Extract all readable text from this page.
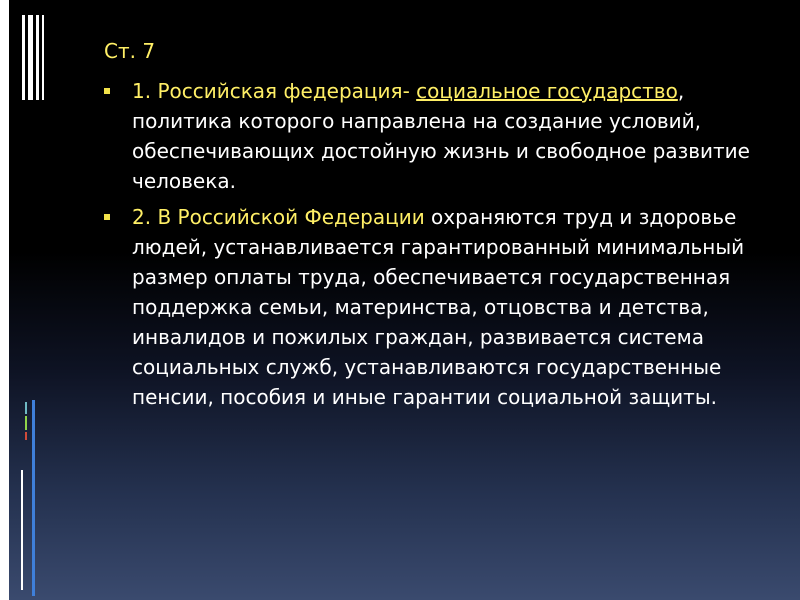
Ст. 7
1. Российская федерация- социальное государство, политика которого направлена на создание условий, обеспечивающих достойную жизнь и свободное развитие человека.
2. В Российской Федерации охраняются труд и здоровье людей, устанавливается гарантированный минимальный размер оплаты труда, обеспечивается государственная поддержка семьи, материнства, отцовства и детства, инвалидов и пожилых граждан, развивается система социальных служб, устанавливаются государственные пенсии, пособия и иные гарантии социальной защиты.
